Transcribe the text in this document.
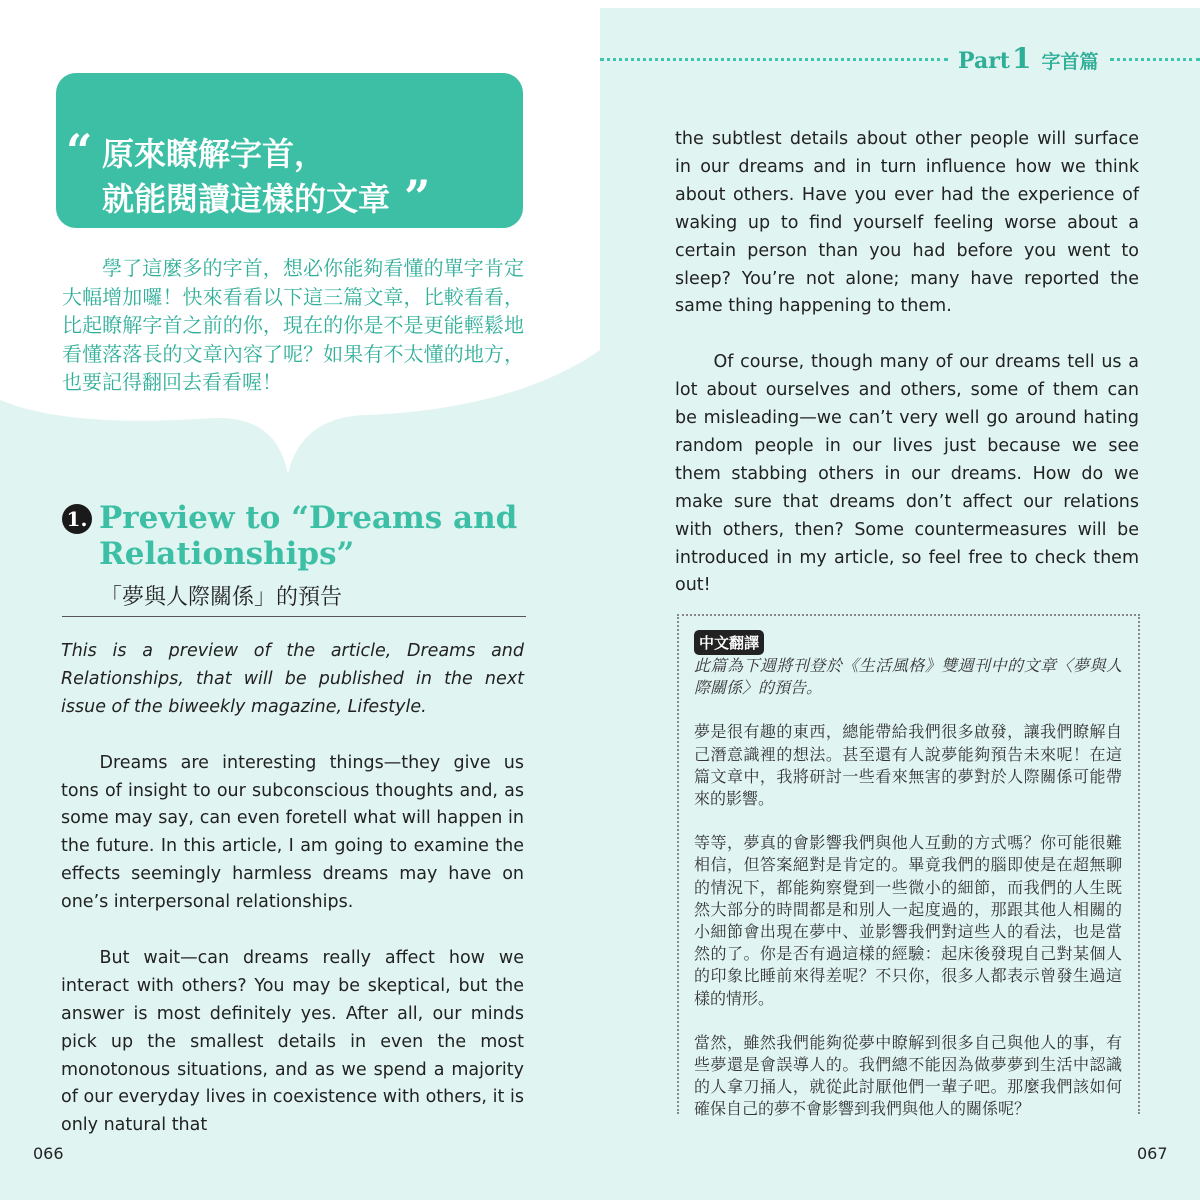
Part1 字首篇
“ 原來瞭解字首，
就能閱讀這樣的文章 ”
學了這麼多的字首，想必你能夠看懂的單字肯定大幅增加囉！快來看看以下這三篇文章，比較看看，比起瞭解字首之前的你，現在的你是不是更能輕鬆地看懂落落長的文章內容了呢？如果有不太懂的地方，也要記得翻回去看看喔！
1. Preview to “Dreams and Relationships”
「夢與人際關係」的預告

This is a preview of the article, Dreams and Relationships, that will be published in the next issue of the biweekly magazine, Lifestyle.

Dreams are interesting things—they give us tons of insight to our subconscious thoughts and, as some may say, can even foretell what will happen in the future. In this article, I am going to examine the effects seemingly harmless dreams may have on one’s interpersonal relationships.

But wait—can dreams really affect how we interact with others? You may be skeptical, but the answer is most definitely yes. After all, our minds pick up the smallest details in even the most monotonous situations, and as we spend a majority of our everyday lives in coexistence with others, it is only natural that

the subtlest details about other people will surface in our dreams and in turn influence how we think about others. Have you ever had the experience of waking up to find yourself feeling worse about a certain person than you had before you went to sleep? You’re not alone; many have reported the same thing happening to them.

Of course, though many of our dreams tell us a lot about ourselves and others, some of them can be misleading—we can’t very well go around hating random people in our lives just because we see them stabbing others in our dreams. How do we make sure that dreams don’t affect our relations with others, then? Some countermeasures will be introduced in my article, so feel free to check them out!

中文翻譯

此篇為下週將刊登於《生活風格》雙週刊中的文章〈夢與人際關係〉的預告。

夢是很有趣的東西，總能帶給我們很多啟發，讓我們瞭解自己潛意識裡的想法。甚至還有人說夢能夠預告未來呢！在這篇文章中，我將研討一些看來無害的夢對於人際關係可能帶來的影響。

等等，夢真的會影響我們與他人互動的方式嗎？你可能很難相信，但答案絕對是肯定的。畢竟我們的腦即使是在超無聊的情況下，都能夠察覺到一些微小的細節，而我們的人生既然大部分的時間都是和別人一起度過的，那跟其他人相關的小細節會出現在夢中、並影響我們對這些人的看法，也是當然的了。你是否有過這樣的經驗：起床後發現自己對某個人的印象比睡前來得差呢？不只你，很多人都表示曾發生過這樣的情形。

當然，雖然我們能夠從夢中瞭解到很多自己與他人的事，有些夢還是會誤導人的。我們總不能因為做夢夢到生活中認識的人拿刀捅人，就從此討厭他們一輩子吧。那麼我們該如何確保自己的夢不會影響到我們與他人的關係呢？

066	067
